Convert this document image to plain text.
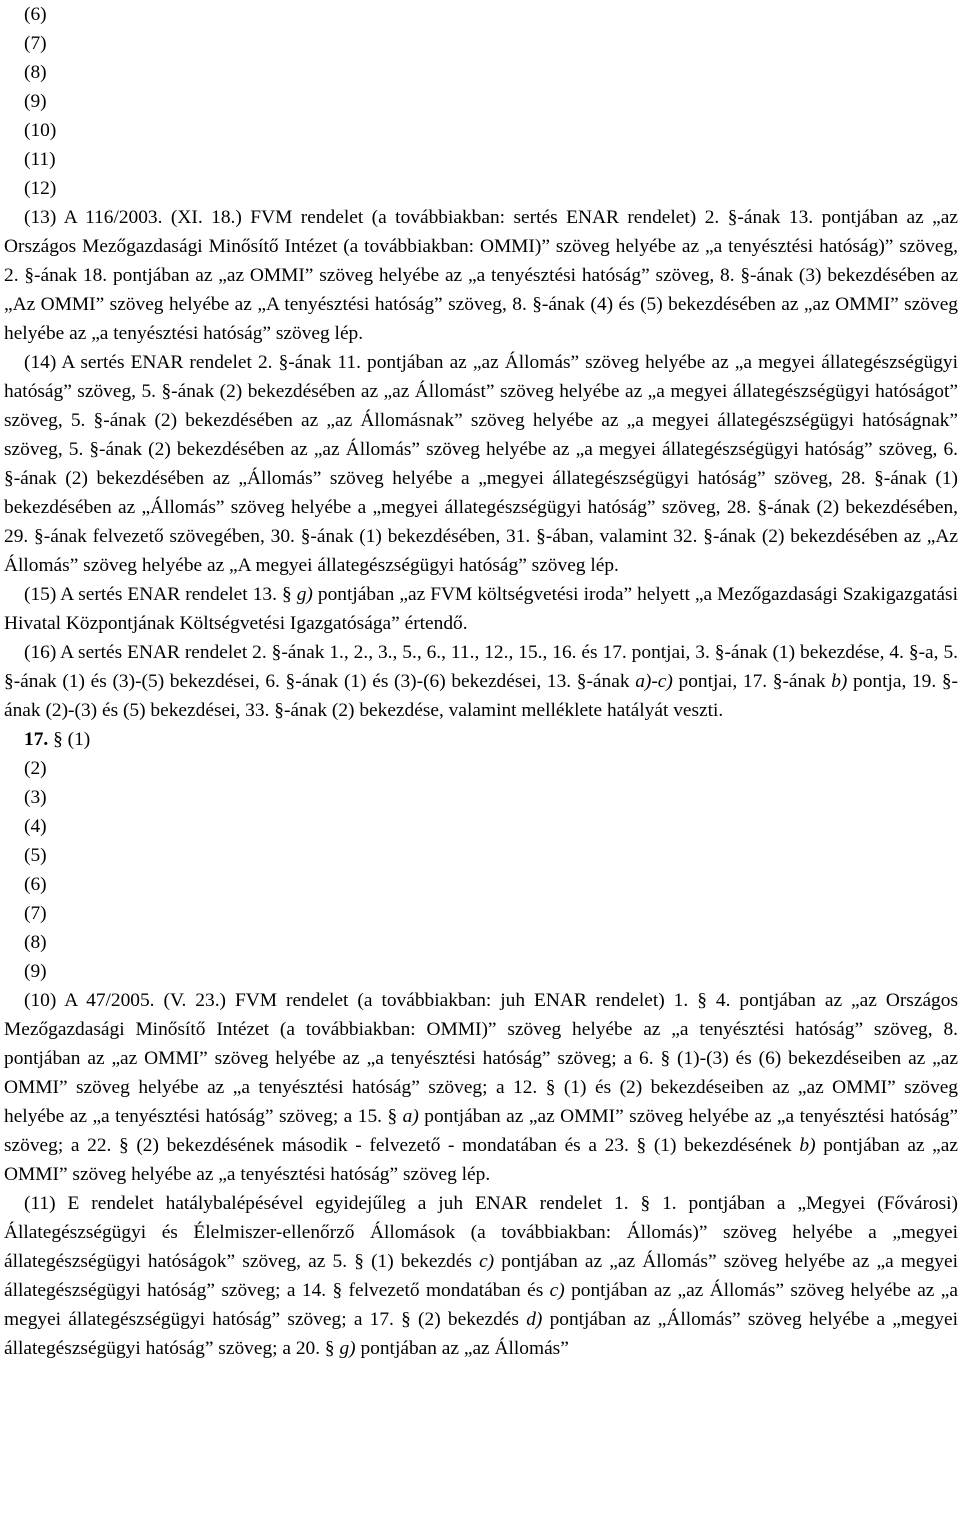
(6)
(7)
(8)
(9)
(10)
(11)
(12)

(13) A 116/2003. (XI. 18.) FVM rendelet (a továbbiakban: sertés ENAR rendelet) 2. §-ának 13. pontjában az „az Országos Mezőgazdasági Minősítő Intézet (a továbbiakban: OMMI)” szöveg helyébe az „a tenyésztési hatóság)” szöveg, 2. §-ának 18. pontjában az „az OMMI” szöveg helyébe az „a tenyésztési hatóság” szöveg, 8. §-ának (3) bekezdésében az „Az OMMI” szöveg helyébe az „A tenyésztési hatóság” szöveg, 8. §-ának (4) és (5) bekezdésében az „az OMMI” szöveg helyébe az „a tenyésztési hatóság” szöveg lép.

(14) A sertés ENAR rendelet 2. §-ának 11. pontjában az „az Állomás” szöveg helyébe az „a megyei állategészségügyi hatóság” szöveg, 5. §-ának (2) bekezdésében az „az Állomást” szöveg helyébe az „a megyei állategészségügyi hatóságot” szöveg, 5. §-ának (2) bekezdésében az „az Állomásnak” szöveg helyébe az „a megyei állategészségügyi hatóságnak” szöveg, 5. §-ának (2) bekezdésében az „az Állomás” szöveg helyébe az „a megyei állategészségügyi hatóság” szöveg, 6. §-ának (2) bekezdésében az „Állomás” szöveg helyébe a „megyei állategészségügyi hatóság” szöveg, 28. §-ának (1) bekezdésében az „Állomás” szöveg helyébe a „megyei állategészségügyi hatóság” szöveg, 28. §-ának (2) bekezdésében, 29. §-ának felvezető szövegében, 30. §-ának (1) bekezdésében, 31. §-ában, valamint 32. §-ának (2) bekezdésében az „Az Állomás” szöveg helyébe az „A megyei állategészségügyi hatóság” szöveg lép.

(15) A sertés ENAR rendelet 13. § g) pontjában „az FVM költségvetési iroda” helyett „a Mezőgazdasági Szakigazgatási Hivatal Központjának Költségvetési Igazgatósága” értendő.

(16) A sertés ENAR rendelet 2. §-ának 1., 2., 3., 5., 6., 11., 12., 15., 16. és 17. pontjai, 3. §-ának (1) bekezdése, 4. §-a, 5. §-ának (1) és (3)-(5) bekezdései, 6. §-ának (1) és (3)-(6) bekezdései, 13. §-ának a)-c) pontjai, 17. §-ának b) pontja, 19. §-ának (2)-(3) és (5) bekezdései, 33. §-ának (2) bekezdése, valamint melléklete hatályát veszti.

17. § (1)
(2)
(3)
(4)
(5)
(6)
(7)
(8)
(9)

(10) A 47/2005. (V. 23.) FVM rendelet (a továbbiakban: juh ENAR rendelet) 1. § 4. pontjában az „az Országos Mezőgazdasági Minősítő Intézet (a továbbiakban: OMMI)” szöveg helyébe az „a tenyésztési hatóság” szöveg, 8. pontjában az „az OMMI” szöveg helyébe az „a tenyésztési hatóság” szöveg; a 6. § (1)-(3) és (6) bekezdéseiben az „az OMMI” szöveg helyébe az „a tenyésztési hatóság” szöveg; a 12. § (1) és (2) bekezdéseiben az „az OMMI” szöveg helyébe az „a tenyésztési hatóság” szöveg; a 15. § a) pontjában az „az OMMI” szöveg helyébe az „a tenyésztési hatóság” szöveg; a 22. § (2) bekezdésének második - felvezető - mondatában és a 23. § (1) bekezdésének b) pontjában az „az OMMI” szöveg helyébe az „a tenyésztési hatóság” szöveg lép.

(11) E rendelet hatálybalépésével egyidejűleg a juh ENAR rendelet 1. § 1. pontjában a „Megyei (Fővárosi) Állategészségügyi és Élelmiszer-ellenőrző Állomások (a továbbiakban: Állomás)” szöveg helyébe a „megyei állategészségügyi hatóságok” szöveg, az 5. § (1) bekezdés c) pontjában az „az Állomás” szöveg helyébe az „a megyei állategészségügyi hatóság” szöveg; a 14. § felvezető mondatában és c) pontjában az „az Állomás” szöveg helyébe az „a megyei állategészségügyi hatóság” szöveg; a 17. § (2) bekezdés d) pontjában az „Állomás” szöveg helyébe a „megyei állategészségügyi hatóság” szöveg; a 20. § g) pontjában az „az Állomás”
